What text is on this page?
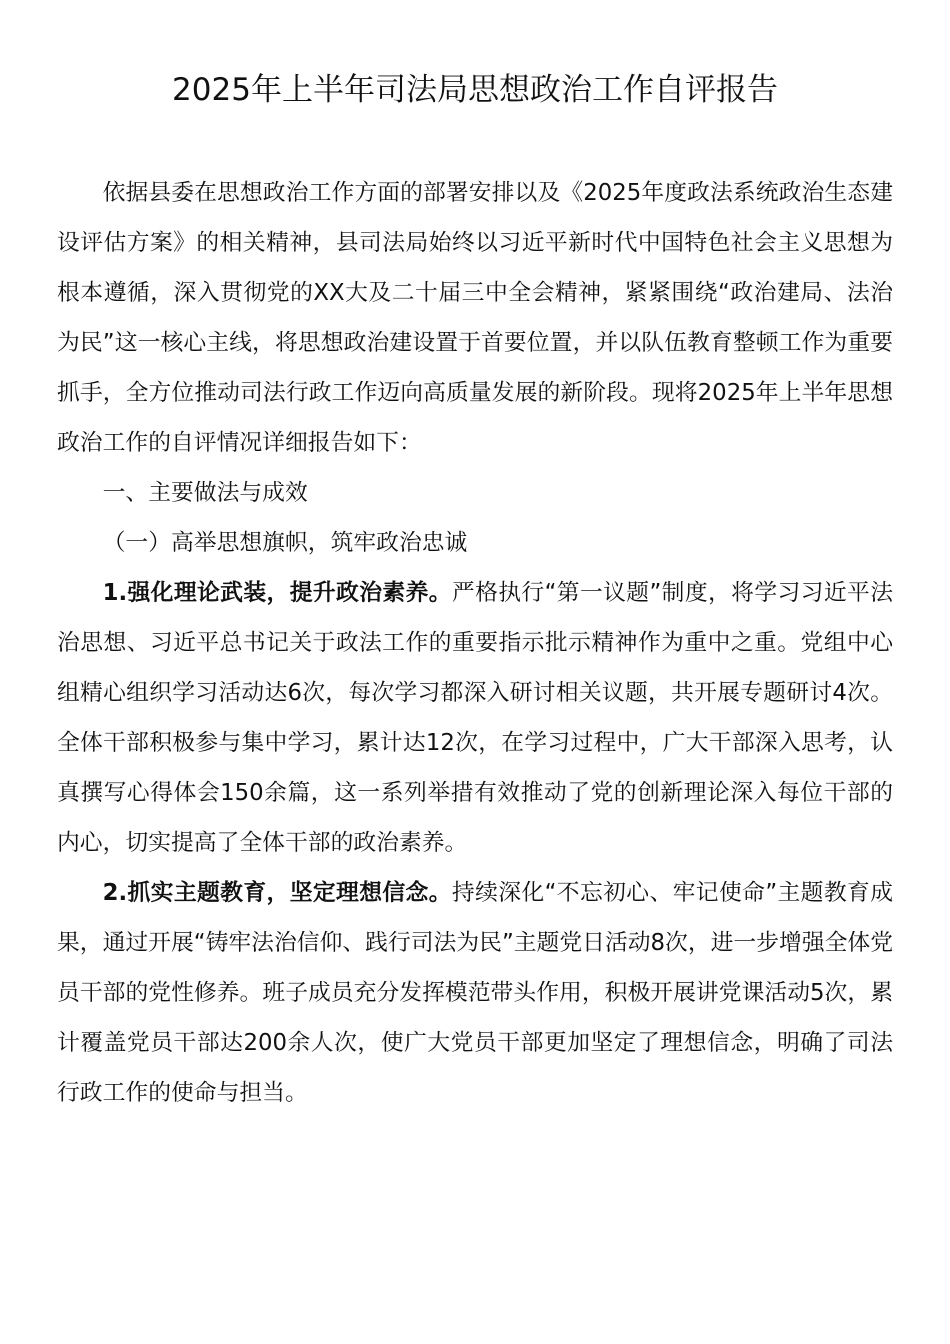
2025年上半年司法局思想政治工作自评报告

依据县委在思想政治工作方面的部署安排以及《2025年度政法系统政治生态建设评估方案》的相关精神，县司法局始终以习近平新时代中国特色社会主义思想为根本遵循，深入贯彻党的XX大及二十届三中全会精神，紧紧围绕“政治建局、法治为民”这一核心主线，将思想政治建设置于首要位置，并以队伍教育整顿工作为重要抓手，全方位推动司法行政工作迈向高质量发展的新阶段。现将2025年上半年思想政治工作的自评情况详细报告如下：

一、主要做法与成效

（一）高举思想旗帜，筑牢政治忠诚

1.强化理论武装，提升政治素养。严格执行“第一议题”制度，将学习习近平法治思想、习近平总书记关于政法工作的重要指示批示精神作为重中之重。党组中心组精心组织学习活动达6次，每次学习都深入研讨相关议题，共开展专题研讨4次。全体干部积极参与集中学习，累计达12次，在学习过程中，广大干部深入思考，认真撰写心得体会150余篇，这一系列举措有效推动了党的创新理论深入每位干部的内心，切实提高了全体干部的政治素养。

2.抓实主题教育，坚定理想信念。持续深化“不忘初心、牢记使命”主题教育成果，通过开展“铸牢法治信仰、践行司法为民”主题党日活动8次，进一步增强全体党员干部的党性修养。班子成员充分发挥模范带头作用，积极开展讲党课活动5次，累计覆盖党员干部达200余人次，使广大党员干部更加坚定了理想信念，明确了司法行政工作的使命与担当。
